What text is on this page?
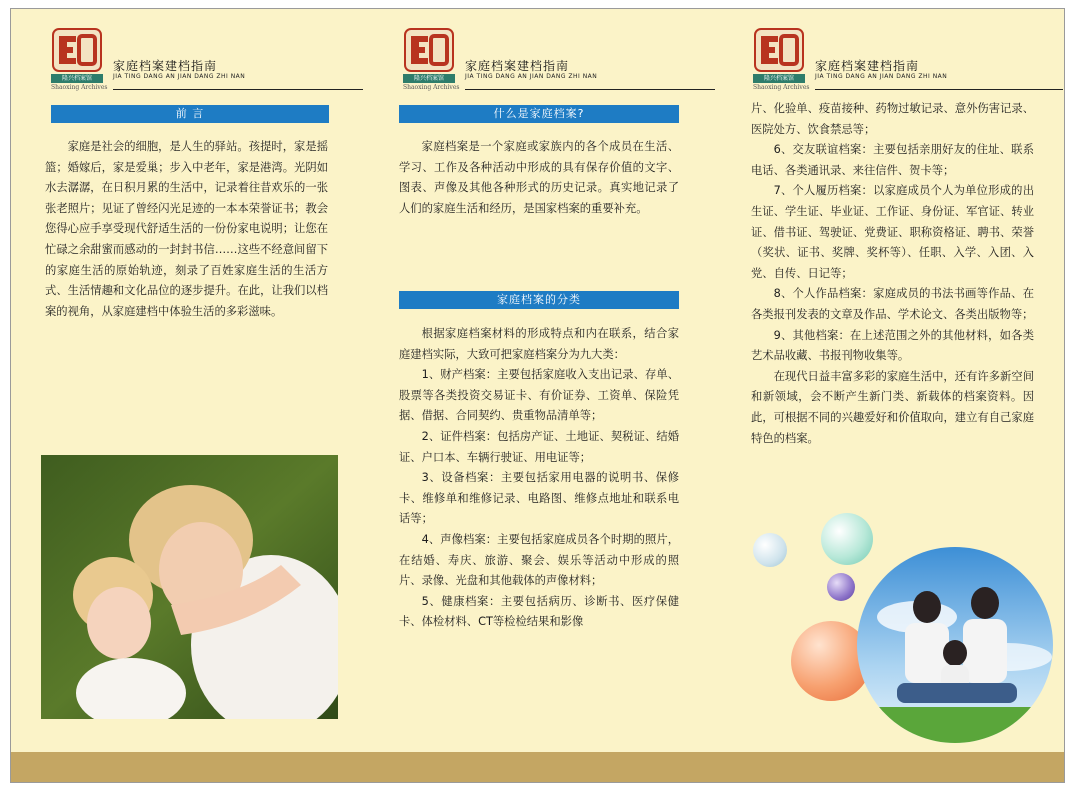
隆兴档案馆
Shaoxing Archives
家庭档案建档指南
JIA TING DANG AN JIAN DANG ZHI NAN
前 言

家庭是社会的细胞，是人生的驿站。孩提时，家是摇篮；婚嫁后，家是爱巢；步入中老年，家是港湾。光阴如水去潺潺，在日积月累的生活中，记录着往昔欢乐的一张张老照片；见证了曾经闪光足迹的一本本荣誉证书；教会您得心应手享受现代舒适生活的一份份家电说明；让您在忙碌之余甜蜜而感动的一封封书信……这些不经意间留下的家庭生活的原始轨迹，刻录了百姓家庭生活的生活方式、生活情趣和文化品位的逐步提升。在此，让我们以档案的视角，从家庭建档中体验生活的多彩滋味。

隆兴档案馆
Shaoxing Archives
家庭档案建档指南
JIA TING DANG AN JIAN DANG ZHI NAN
什么是家庭档案?

家庭档案是一个家庭或家族内的各个成员在生活、学习、工作及各种活动中形成的具有保存价值的文字、图表、声像及其他各种形式的历史记录。真实地记录了人们的家庭生活和经历，是国家档案的重要补充。

家庭档案的分类

根据家庭档案材料的形成特点和内在联系，结合家庭建档实际，大致可把家庭档案分为九大类：

1、财产档案：主要包括家庭收入支出记录、存单、股票等各类投资交易证卡、有价证券、工资单、保险凭据、借据、合同契约、贵重物品清单等；

2、证件档案：包括房产证、土地证、契税证、结婚证、户口本、车辆行驶证、用电证等；

3、设备档案：主要包括家用电器的说明书、保修卡、维修单和维修记录、电路图、维修点地址和联系电话等；

4、声像档案：主要包括家庭成员各个时期的照片，在结婚、寿庆、旅游、聚会、娱乐等活动中形成的照片、录像、光盘和其他载体的声像材料；

5、健康档案：主要包括病历、诊断书、医疗保健卡、体检材料、CT等检检结果和影像

隆兴档案馆
Shaoxing Archives
家庭档案建档指南
JIA TING DANG AN JIAN DANG ZHI NAN

片、化验单、疫苗接种、药物过敏记录、意外伤害记录、医院处方、饮食禁忌等；

6、交友联谊档案：主要包括亲朋好友的住址、联系电话、各类通讯录、来往信件、贺卡等；

7、个人履历档案：以家庭成员个人为单位形成的出生证、学生证、毕业证、工作证、身份证、军官证、转业证、借书证、驾驶证、党费证、职称资格证、聘书、荣誉（奖状、证书、奖牌、奖杯等）、任职、入学、入团、入党、自传、日记等；

8、个人作品档案：家庭成员的书法书画等作品、在各类报刊发表的文章及作品、学术论文、各类出版物等；

9、其他档案：在上述范围之外的其他材料，如各类艺术品收藏、书报刊物收集等。

在现代日益丰富多彩的家庭生活中，还有许多新空间和新领域，会不断产生新门类、新载体的档案资料。因此，可根据不同的兴趣爱好和价值取向，建立有自己家庭特色的档案。
